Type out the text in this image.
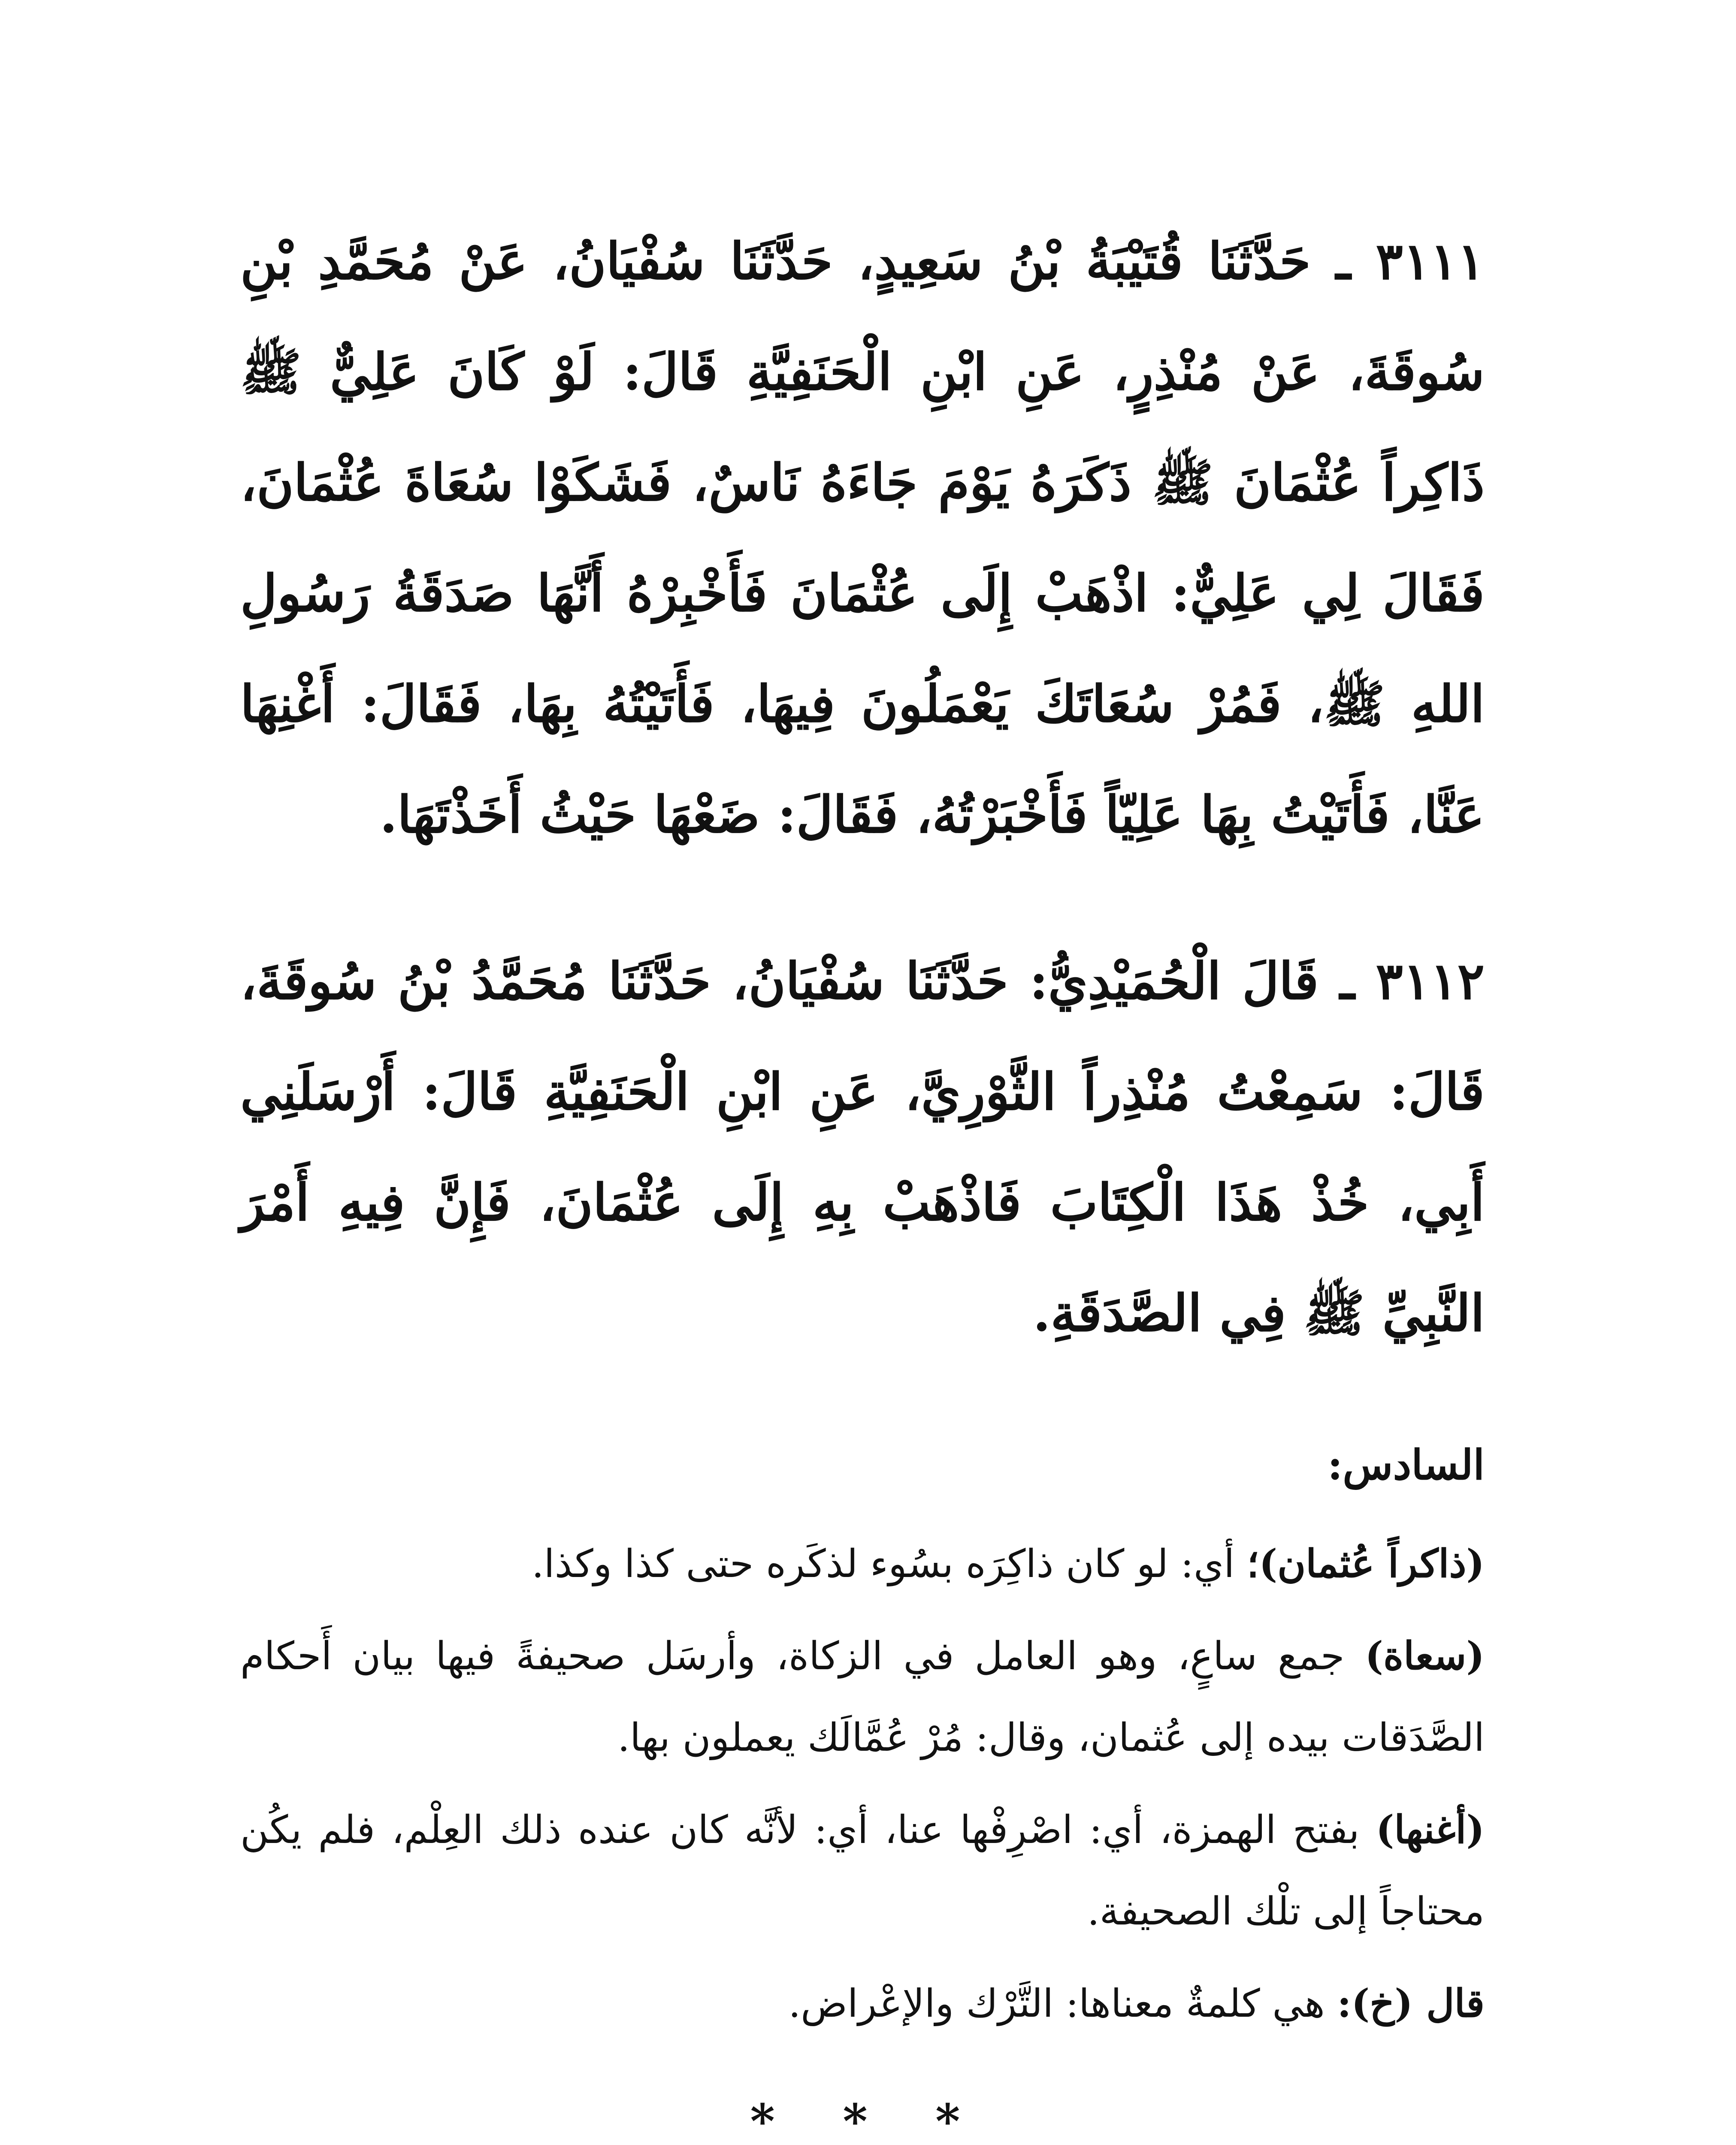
٣١١١ ـ حَدَّثَنَا قُتَيْبَةُ بْنُ سَعِيدٍ، حَدَّثَنَا سُفْيَانُ، عَنْ مُحَمَّدِ بْنِ سُوقَةَ، عَنْ مُنْذِرٍ، عَنِ ابْنِ الْحَنَفِيَّةِ قَالَ: لَوْ كَانَ عَلِيٌّ ﷺ ذَاكِراً عُثْمَانَ ﷺ ذَكَرَهُ يَوْمَ جَاءَهُ نَاسٌ، فَشَكَوْا سُعَاةَ عُثْمَانَ، فَقَالَ لِي عَلِيٌّ: اذْهَبْ إِلَى عُثْمَانَ فَأَخْبِرْهُ أَنَّهَا صَدَقَةُ رَسُولِ اللهِ ﷺ، فَمُرْ سُعَاتَكَ يَعْمَلُونَ فِيهَا، فَأَتَيْتُهُ بِهَا، فَقَالَ: أَغْنِهَا عَنَّا، فَأَتَيْتُ بِهَا عَلِيّاً فَأَخْبَرْتُهُ، فَقَالَ: ضَعْهَا حَيْثُ أَخَذْتَهَا.

٣١١٢ ـ قَالَ الْحُمَيْدِيُّ: حَدَّثَنَا سُفْيَانُ، حَدَّثَنَا مُحَمَّدُ بْنُ سُوقَةَ، قَالَ: سَمِعْتُ مُنْذِراً الثَّوْرِيَّ، عَنِ ابْنِ الْحَنَفِيَّةِ قَالَ: أَرْسَلَنِي أَبِي، خُذْ هَذَا الْكِتَابَ فَاذْهَبْ بِهِ إِلَى عُثْمَانَ، فَإِنَّ فِيهِ أَمْرَ النَّبِيِّ ﷺ فِي الصَّدَقَةِ.

السادس:

(ذاكراً عُثمان)؛ أي: لو كان ذاكِرَه بسُوء لذكَره حتى كذا وكذا.

(سعاة) جمع ساعٍ، وهو العامل في الزكاة، وأرسَل صحيفةً فيها بيان أَحكام الصَّدَقات بيده إلى عُثمان، وقال: مُرْ عُمَّالَك يعملون بها.

(أغنها) بفتح الهمزة، أي: اصْرِفْها عنا، أي: لأنَّه كان عنده ذلك العِلْم، فلم يكُن محتاجاً إلى تلْك الصحيفة.

قال (خ): هي كلمةٌ معناها: التَّرْك والإعْراض.

* * *
